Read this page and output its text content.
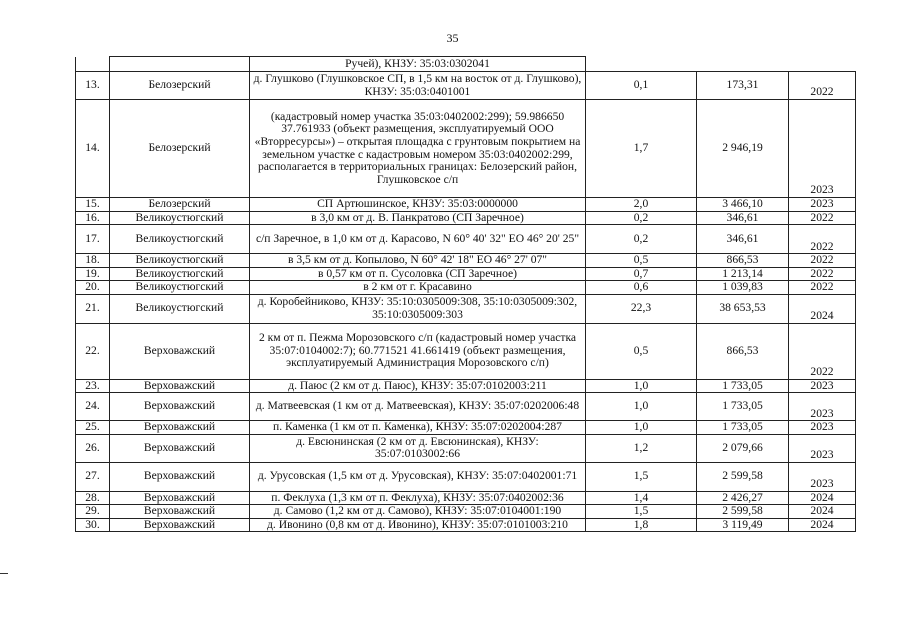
35
		Ручей), КНЗУ: 35:03:0302041			
13.	Белозерский	д. Глушково (Глушковское СП, в 1,5 км на восток от д. Глушково), КНЗУ: 35:03:0401001	0,1	173,31	2022
14.	Белозерский	(кадастровый номер участка 35:03:0402002:299); 59.986650 37.761933 (объект размещения, эксплуатируемый ООО «Вторресурсы») – открытая площадка с грунтовым покрытием на земельном участке с кадастровым номером 35:03:0402002:299, располагается в территориальных границах: Белозерский район, Глушковское с/п	1,7	2 946,19	2023
15.	Белозерский	СП Артюшинское, КНЗУ: 35:03:0000000	2,0	3 466,10	2023
16.	Великоустюгский	в 3,0 км от д. В. Панкратово (СП Заречное)	0,2	346,61	2022
17.	Великоустюгский	с/п Заречное, в 1,0 км от д. Карасово, N 60° 40' 32" EO 46° 20' 25"	0,2	346,61	2022
18.	Великоустюгский	в 3,5 км от д. Копылово, N 60° 42' 18" EO 46° 27' 07"	0,5	866,53	2022
19.	Великоустюгский	в 0,57 км от п. Сусоловка (СП Заречное)	0,7	1 213,14	2022
20.	Великоустюгский	в 2 км от г. Красавино	0,6	1 039,83	2022
21.	Великоустюгский	д. Коробейниково, КНЗУ: 35:10:0305009:308, 35:10:0305009:302, 35:10:0305009:303	22,3	38 653,53	2024
22.	Верховажский	2 км от п. Пежма Морозовского с/п (кадастровый номер участка 35:07:0104002:7); 60.771521 41.661419 (объект размещения, эксплуатируемый Администрация Морозовского с/п)	0,5	866,53	2022
23.	Верховажский	д. Паюс (2 км от д. Паюс), КНЗУ: 35:07:0102003:211	1,0	1 733,05	2023
24.	Верховажский	д. Матвеевская (1 км от д. Матвеевская), КНЗУ: 35:07:0202006:48	1,0	1 733,05	2023
25.	Верховажский	п. Каменка (1 км от п. Каменка), КНЗУ: 35:07:0202004:287	1,0	1 733,05	2023
26.	Верховажский	д. Евсюнинская (2 км от д. Евсюнинская), КНЗУ: 35:07:0103002:66	1,2	2 079,66	2023
27.	Верховажский	д. Урусовская (1,5 км от д. Урусовская), КНЗУ: 35:07:0402001:71	1,5	2 599,58	2023
28.	Верховажский	п. Феклуха (1,3 км от п. Феклуха), КНЗУ: 35:07:0402002:36	1,4	2 426,27	2024
29.	Верховажский	д. Самово (1,2 км от д. Самово), КНЗУ: 35:07:0104001:190	1,5	2 599,58	2024
30.	Верховажский	д. Ивонино (0,8 км от д. Ивонино), КНЗУ: 35:07:0101003:210	1,8	3 119,49	2024
